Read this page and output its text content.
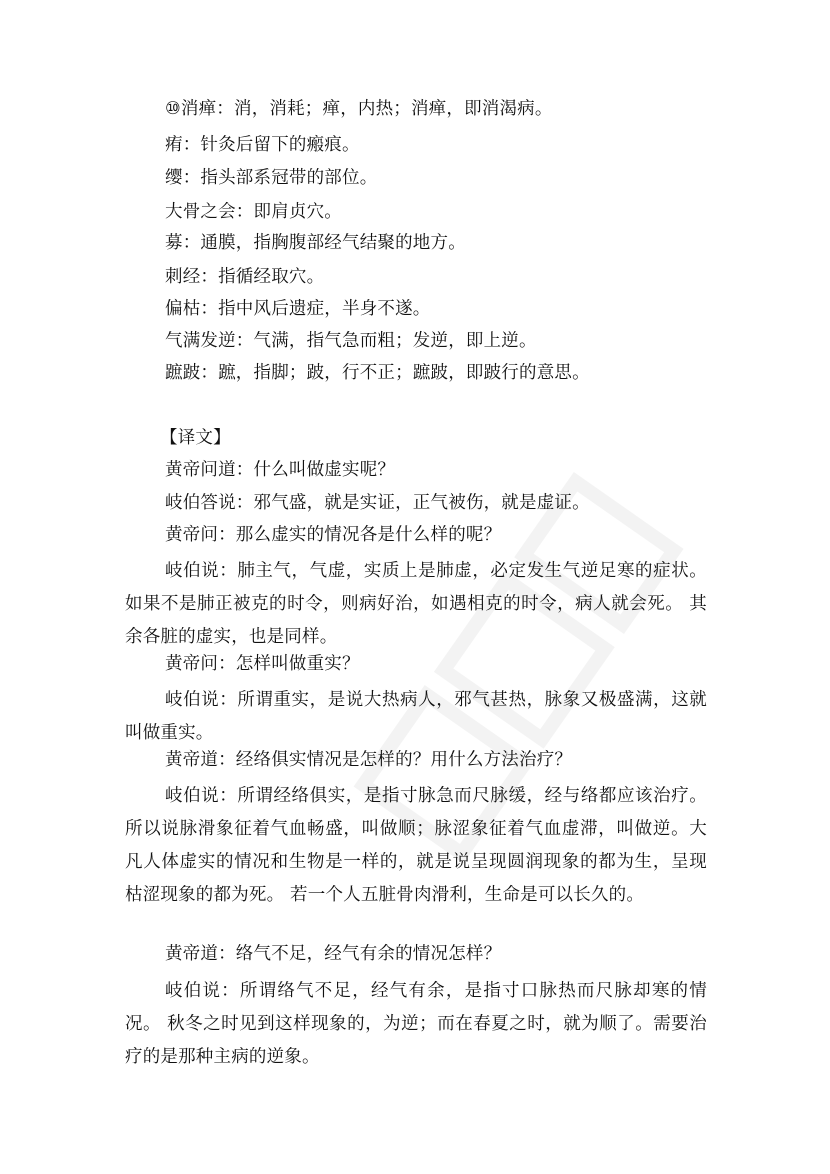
⑩消瘅：消，消耗；瘅，内热；消瘅，即消渴病。
痏：针灸后留下的瘢痕。
缨：指头部系冠带的部位。
大骨之会：即肩贞穴。
募：通膜，指胸腹部经气结聚的地方。
刺经：指循经取穴。
偏枯：指中风后遗症，半身不遂。
气满发逆：气满，指气急而粗；发逆，即上逆。
蹠跛：蹠，指脚；跛，行不正；蹠跛，即跛行的意思。
【译文】
黄帝问道：什么叫做虚实呢？
岐伯答说：邪气盛，就是实证，正气被伤，就是虚证。
黄帝问：那么虚实的情况各是什么样的呢？
岐伯说：肺主气，气虚，实质上是肺虚，必定发生气逆足寒的症状。如果不是肺正被克的时令，则病好治，如遇相克的时令，病人就会死。 其余各脏的虚实，也是同样。
黄帝问：怎样叫做重实？
岐伯说：所谓重实，是说大热病人，邪气甚热，脉象又极盛满，这就叫做重实。
黄帝道：经络俱实情况是怎样的？用什么方法治疗？
岐伯说：所谓经络俱实，是指寸脉急而尺脉缓，经与络都应该治疗。所以说脉滑象征着气血畅盛，叫做顺；脉涩象征着气血虚滞，叫做逆。大凡人体虚实的情况和生物是一样的，就是说呈现圆润现象的都为生，呈现枯涩现象的都为死。 若一个人五脏骨肉滑利，生命是可以长久的。
黄帝道：络气不足，经气有余的情况怎样？
岐伯说：所谓络气不足，经气有余，是指寸口脉热而尺脉却寒的情况。 秋冬之时见到这样现象的，为逆；而在春夏之时，就为顺了。需要治疗的是那种主病的逆象。
